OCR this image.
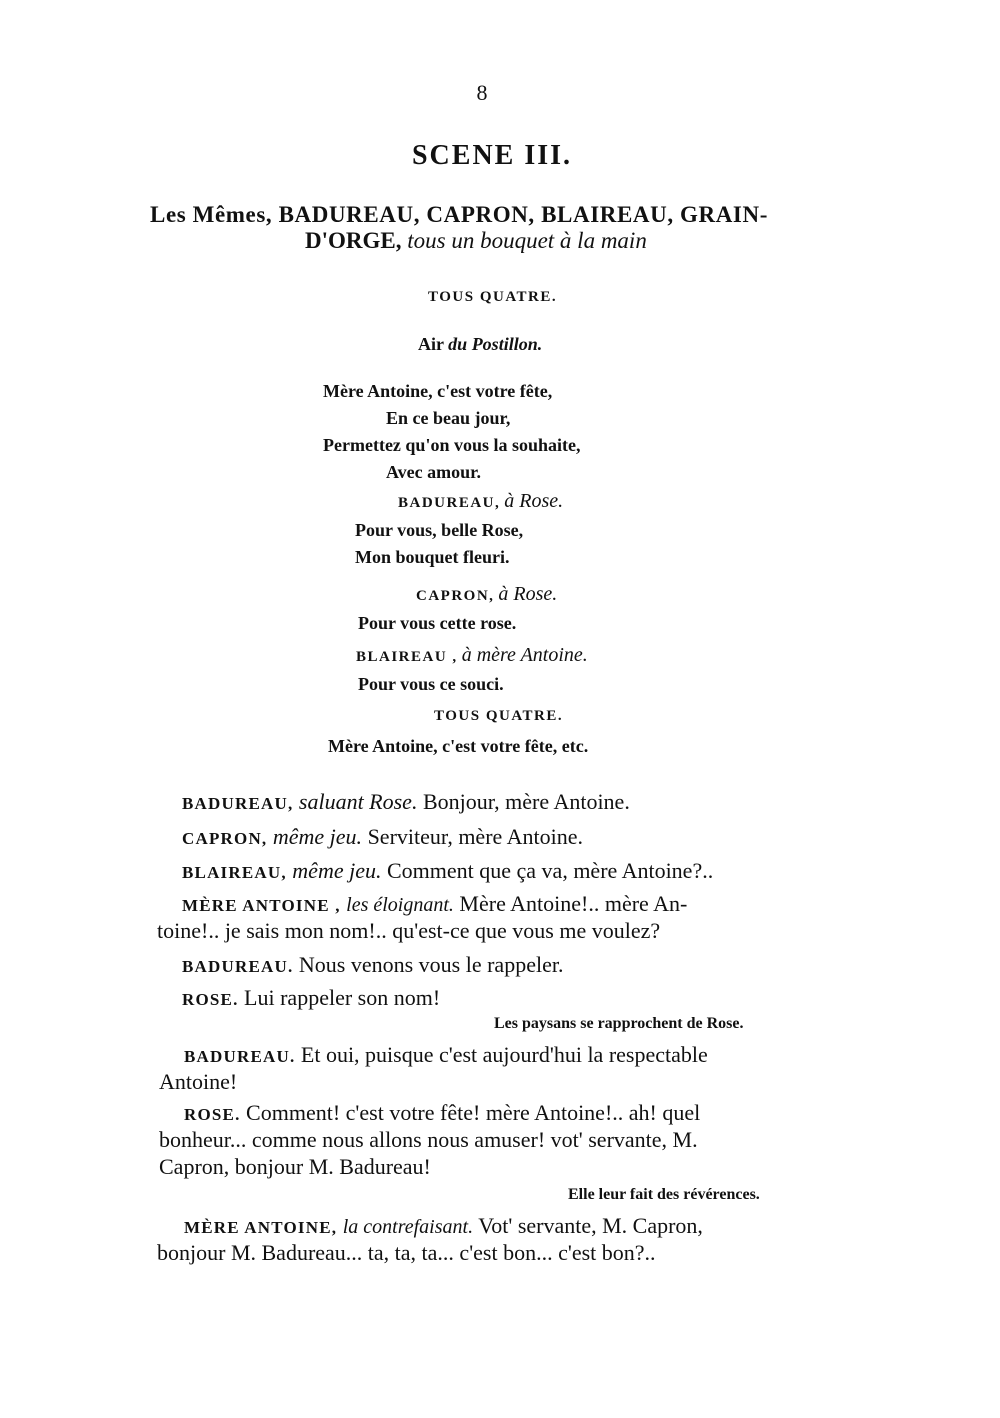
8
SCENE III.
Les Mêmes, BADUREAU, CAPRON, BLAIREAU, GRAIN-
D'ORGE, tous un bouquet à la main
TOUS QUATRE.
Air du Postillon.
Mère Antoine, c'est votre fête,
En ce beau jour,
Permettez qu'on vous la souhaite,
Avec amour.
BADUREAU, à Rose.
Pour vous, belle Rose,
Mon bouquet fleuri.
CAPRON, à Rose.
Pour vous cette rose.
BLAIREAU , à mère Antoine.
Pour vous ce souci.
TOUS QUATRE.
Mère Antoine, c'est votre fête, etc.
BADUREAU, saluant Rose. Bonjour, mère Antoine.
CAPRON, même jeu. Serviteur, mère Antoine.
BLAIREAU, même jeu. Comment que ça va, mère Antoine?..
MÈRE ANTOINE , les éloignant. Mère Antoine!.. mère An-
toine!.. je sais mon nom!.. qu'est-ce que vous me voulez?
BADUREAU. Nous venons vous le rappeler.
ROSE. Lui rappeler son nom!
Les paysans se rapprochent de Rose.
BADUREAU. Et oui, puisque c'est aujourd'hui la respectable
Antoine!
ROSE. Comment! c'est votre fête! mère Antoine!.. ah! quel
bonheur... comme nous allons nous amuser! vot' servante, M.
Capron, bonjour M. Badureau!
Elle leur fait des révérences.
MÈRE ANTOINE, la contrefaisant. Vot' servante, M. Capron,
bonjour M. Badureau... ta, ta, ta... c'est bon... c'est bon?..
